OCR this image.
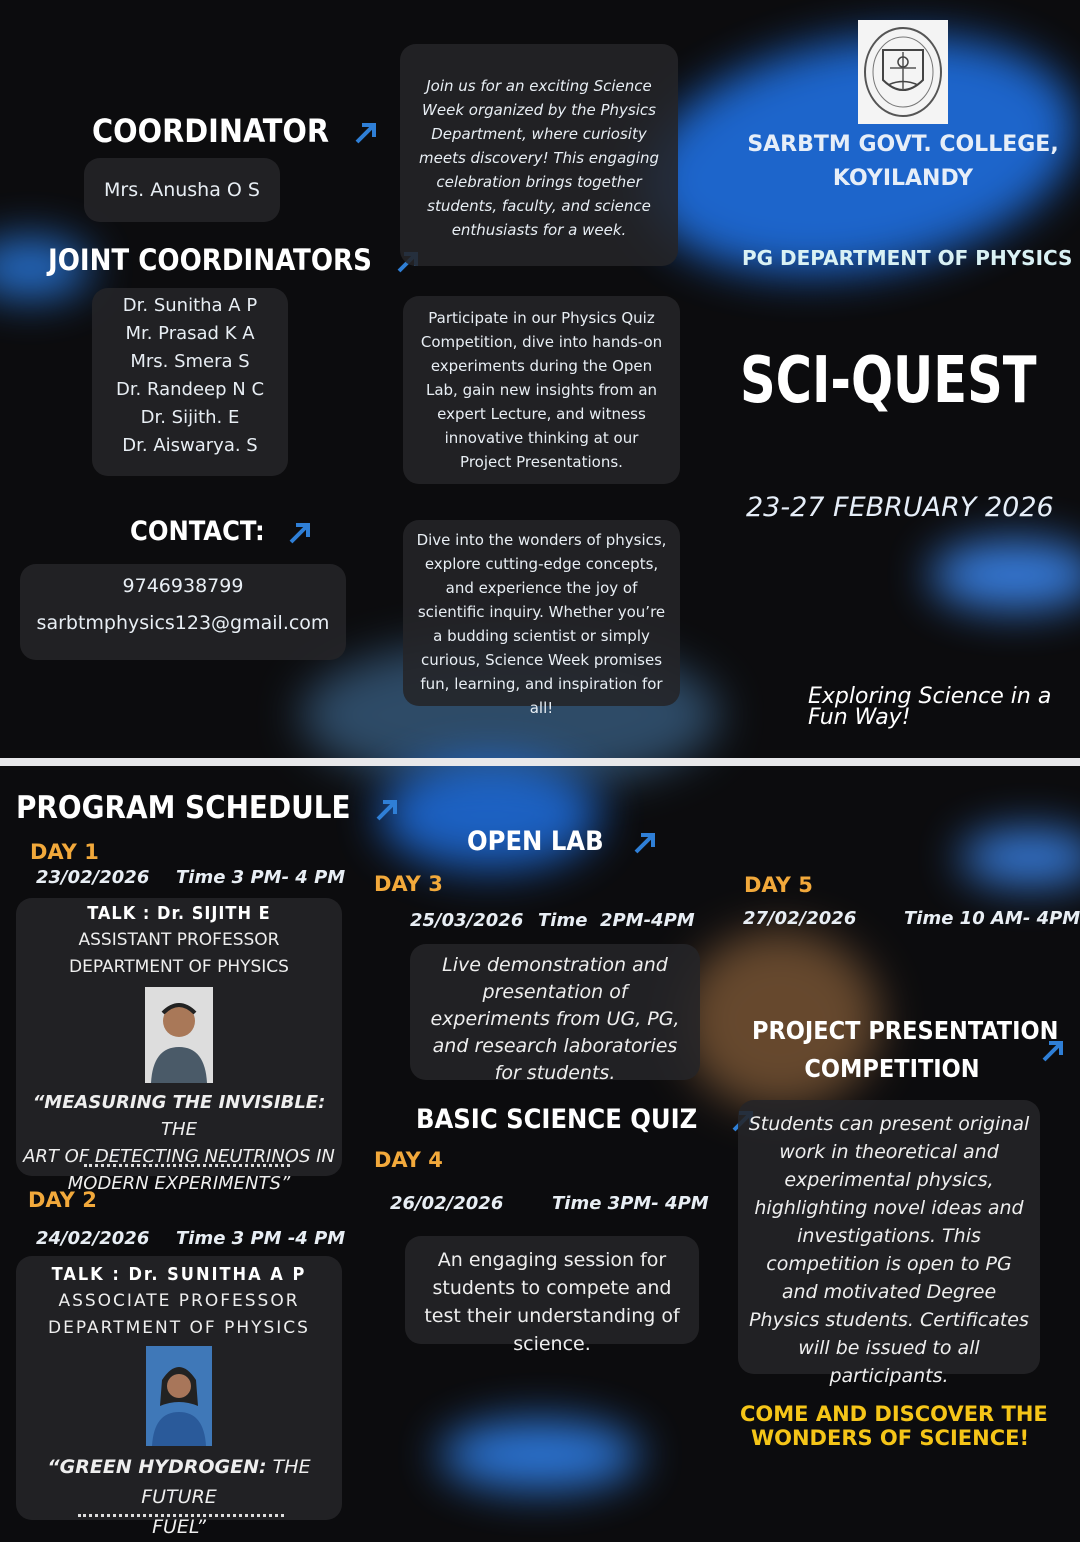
COORDINATOR
Mrs. Anusha O S
JOINT COORDINATORS
Dr. Sunitha A P
Mr. Prasad K A
Mrs. Smera S
Dr. Randeep N C
Dr. Sijith. E
Dr. Aiswarya. S
CONTACT:
9746938799
sarbtmphysics123@gmail.com
Join us for an exciting Science Week organized by the Physics Department, where curiosity meets discovery! This engaging celebration brings together students, faculty, and science enthusiasts for a week.
Participate in our Physics Quiz Competition, dive into hands-on experiments during the Open Lab, gain new insights from an expert Lecture, and witness innovative thinking at our Project Presentations.
Dive into the wonders of physics, explore cutting-edge concepts, and experience the joy of scientific inquiry. Whether you’re a budding scientist or simply curious, Science Week promises fun, learning, and inspiration for all!
SARBTM GOVT. COLLEGE,
KOYILANDY
PG DEPARTMENT OF PHYSICS
SCI-QUEST
23-27 FEBRUARY 2026
Exploring Science in a
Fun Way!
PROGRAM SCHEDULE
DAY 1
23/02/2026 Time 3 PM- 4 PM
TALK : Dr. SIJITH E
ASSISTANT PROFESSOR
DEPARTMENT OF PHYSICS
“MEASURING THE INVISIBLE: THE
ART OF DETECTING NEUTRINOS IN
MODERN EXPERIMENTS”
DAY 2
24/02/2026 Time 3 PM -4 PM
TALK : Dr. SUNITHA A P
ASSOCIATE PROFESSOR
DEPARTMENT OF PHYSICS
“GREEN HYDROGEN: THE FUTURE
FUEL”
OPEN LAB
DAY 3
25/03/2026 Time  2PM-4PM
Live demonstration and presentation of experiments from UG, PG, and research laboratories for students.
BASIC SCIENCE QUIZ
DAY 4
26/02/2026	Time 3PM- 4PM
An engaging session for students to compete and test their understanding of science.
DAY 5
27/02/2026	Time 10 AM- 4PM
PROJECT PRESENTATION
COMPETITION
Students can present original work in theoretical and experimental physics, highlighting novel ideas and investigations. This competition is open to PG and motivated Degree Physics students. Certificates will be issued to all participants.
COME AND DISCOVER THE
WONDERS OF SCIENCE!
